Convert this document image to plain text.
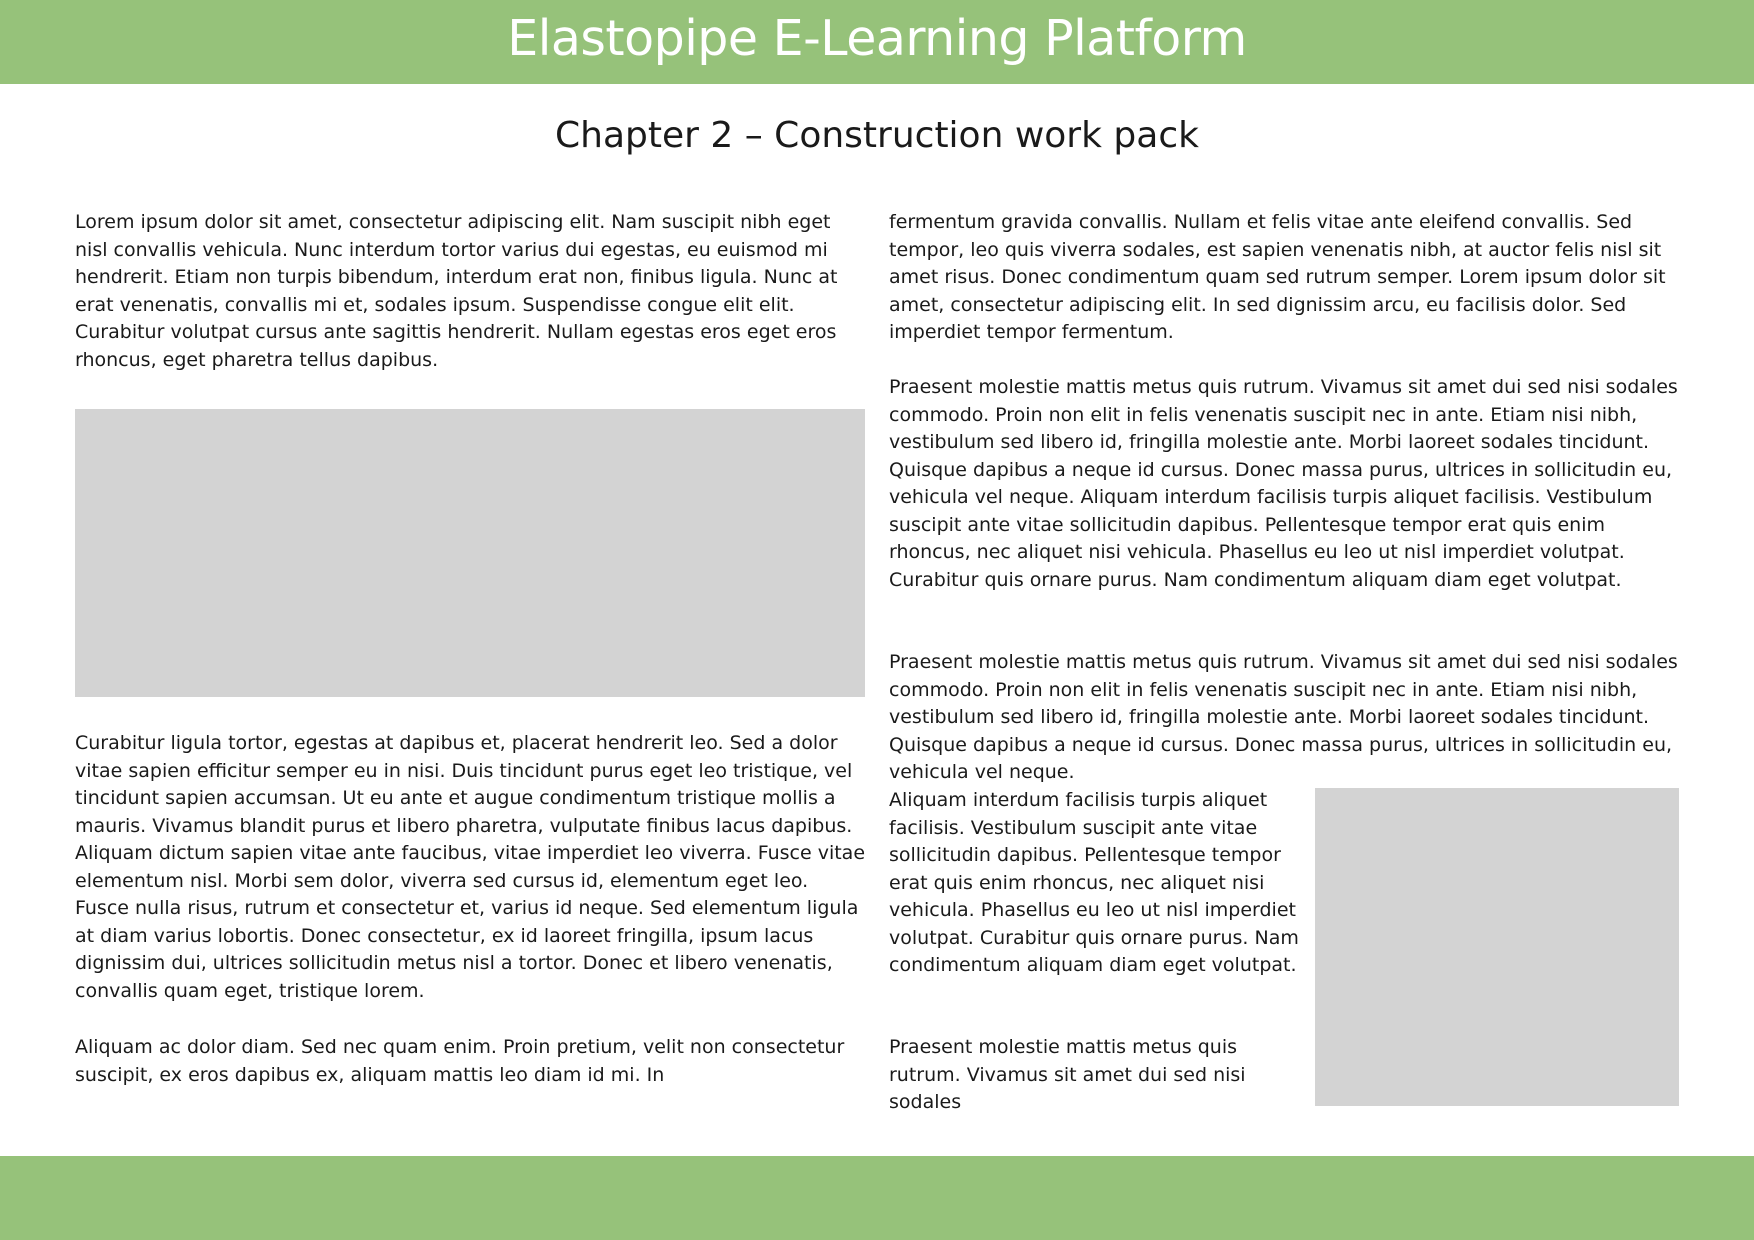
Elastopipe E-Learning Platform
Chapter 2 – Construction work pack

Lorem ipsum dolor sit amet, consectetur adipiscing elit. Nam suscipit nibh eget nisl convallis vehicula. Nunc interdum tortor varius dui egestas, eu euismod mi hendrerit. Etiam non turpis bibendum, interdum erat non, finibus ligula. Nunc at erat venenatis, convallis mi et, sodales ipsum. Suspendisse congue elit elit. Curabitur volutpat cursus ante sagittis hendrerit. Nullam egestas eros eget eros rhoncus, eget pharetra tellus dapibus.

Curabitur ligula tortor, egestas at dapibus et, placerat hendrerit leo. Sed a dolor vitae sapien efficitur semper eu in nisi. Duis tincidunt purus eget leo tristique, vel tincidunt sapien accumsan. Ut eu ante et augue condimentum tristique mollis a mauris. Vivamus blandit purus et libero pharetra, vulputate finibus lacus dapibus. Aliquam dictum sapien vitae ante faucibus, vitae imperdiet leo viverra. Fusce vitae elementum nisl. Morbi sem dolor, viverra sed cursus id, elementum eget leo. Fusce nulla risus, rutrum et consectetur et, varius id neque. Sed elementum ligula at diam varius lobortis. Donec consectetur, ex id laoreet fringilla, ipsum lacus dignissim dui, ultrices sollicitudin metus nisl a tortor. Donec et libero venenatis, convallis quam eget, tristique lorem.

Aliquam ac dolor diam. Sed nec quam enim. Proin pretium, velit non consectetur suscipit, ex eros dapibus ex, aliquam mattis leo diam id mi. In

fermentum gravida convallis. Nullam et felis vitae ante eleifend convallis. Sed tempor, leo quis viverra sodales, est sapien venenatis nibh, at auctor felis nisl sit amet risus. Donec condimentum quam sed rutrum semper. Lorem ipsum dolor sit amet, consectetur adipiscing elit. In sed dignissim arcu, eu facilisis dolor. Sed imperdiet tempor fermentum.

Praesent molestie mattis metus quis rutrum. Vivamus sit amet dui sed nisi sodales commodo. Proin non elit in felis venenatis suscipit nec in ante. Etiam nisi nibh, vestibulum sed libero id, fringilla molestie ante. Morbi laoreet sodales tincidunt. Quisque dapibus a neque id cursus. Donec massa purus, ultrices in sollicitudin eu, vehicula vel neque. Aliquam interdum facilisis turpis aliquet facilisis. Vestibulum suscipit ante vitae sollicitudin dapibus. Pellentesque tempor erat quis enim rhoncus, nec aliquet nisi vehicula. Phasellus eu leo ut nisl imperdiet volutpat. Curabitur quis ornare purus. Nam condimentum aliquam diam eget volutpat.

Praesent molestie mattis metus quis rutrum. Vivamus sit amet dui sed nisi sodales commodo. Proin non elit in felis venenatis suscipit nec in ante. Etiam nisi nibh, vestibulum sed libero id, fringilla molestie ante. Morbi laoreet sodales tincidunt. Quisque dapibus a neque id cursus. Donec massa purus, ultrices in sollicitudin eu, vehicula vel neque.

Aliquam interdum facilisis turpis aliquet facilisis. Vestibulum suscipit ante vitae sollicitudin dapibus. Pellentesque tempor erat quis enim rhoncus, nec aliquet nisi vehicula. Phasellus eu leo ut nisl imperdiet volutpat. Curabitur quis ornare purus. Nam condimentum aliquam diam eget volutpat.

Praesent molestie mattis metus quis rutrum. Vivamus sit amet dui sed nisi sodales
